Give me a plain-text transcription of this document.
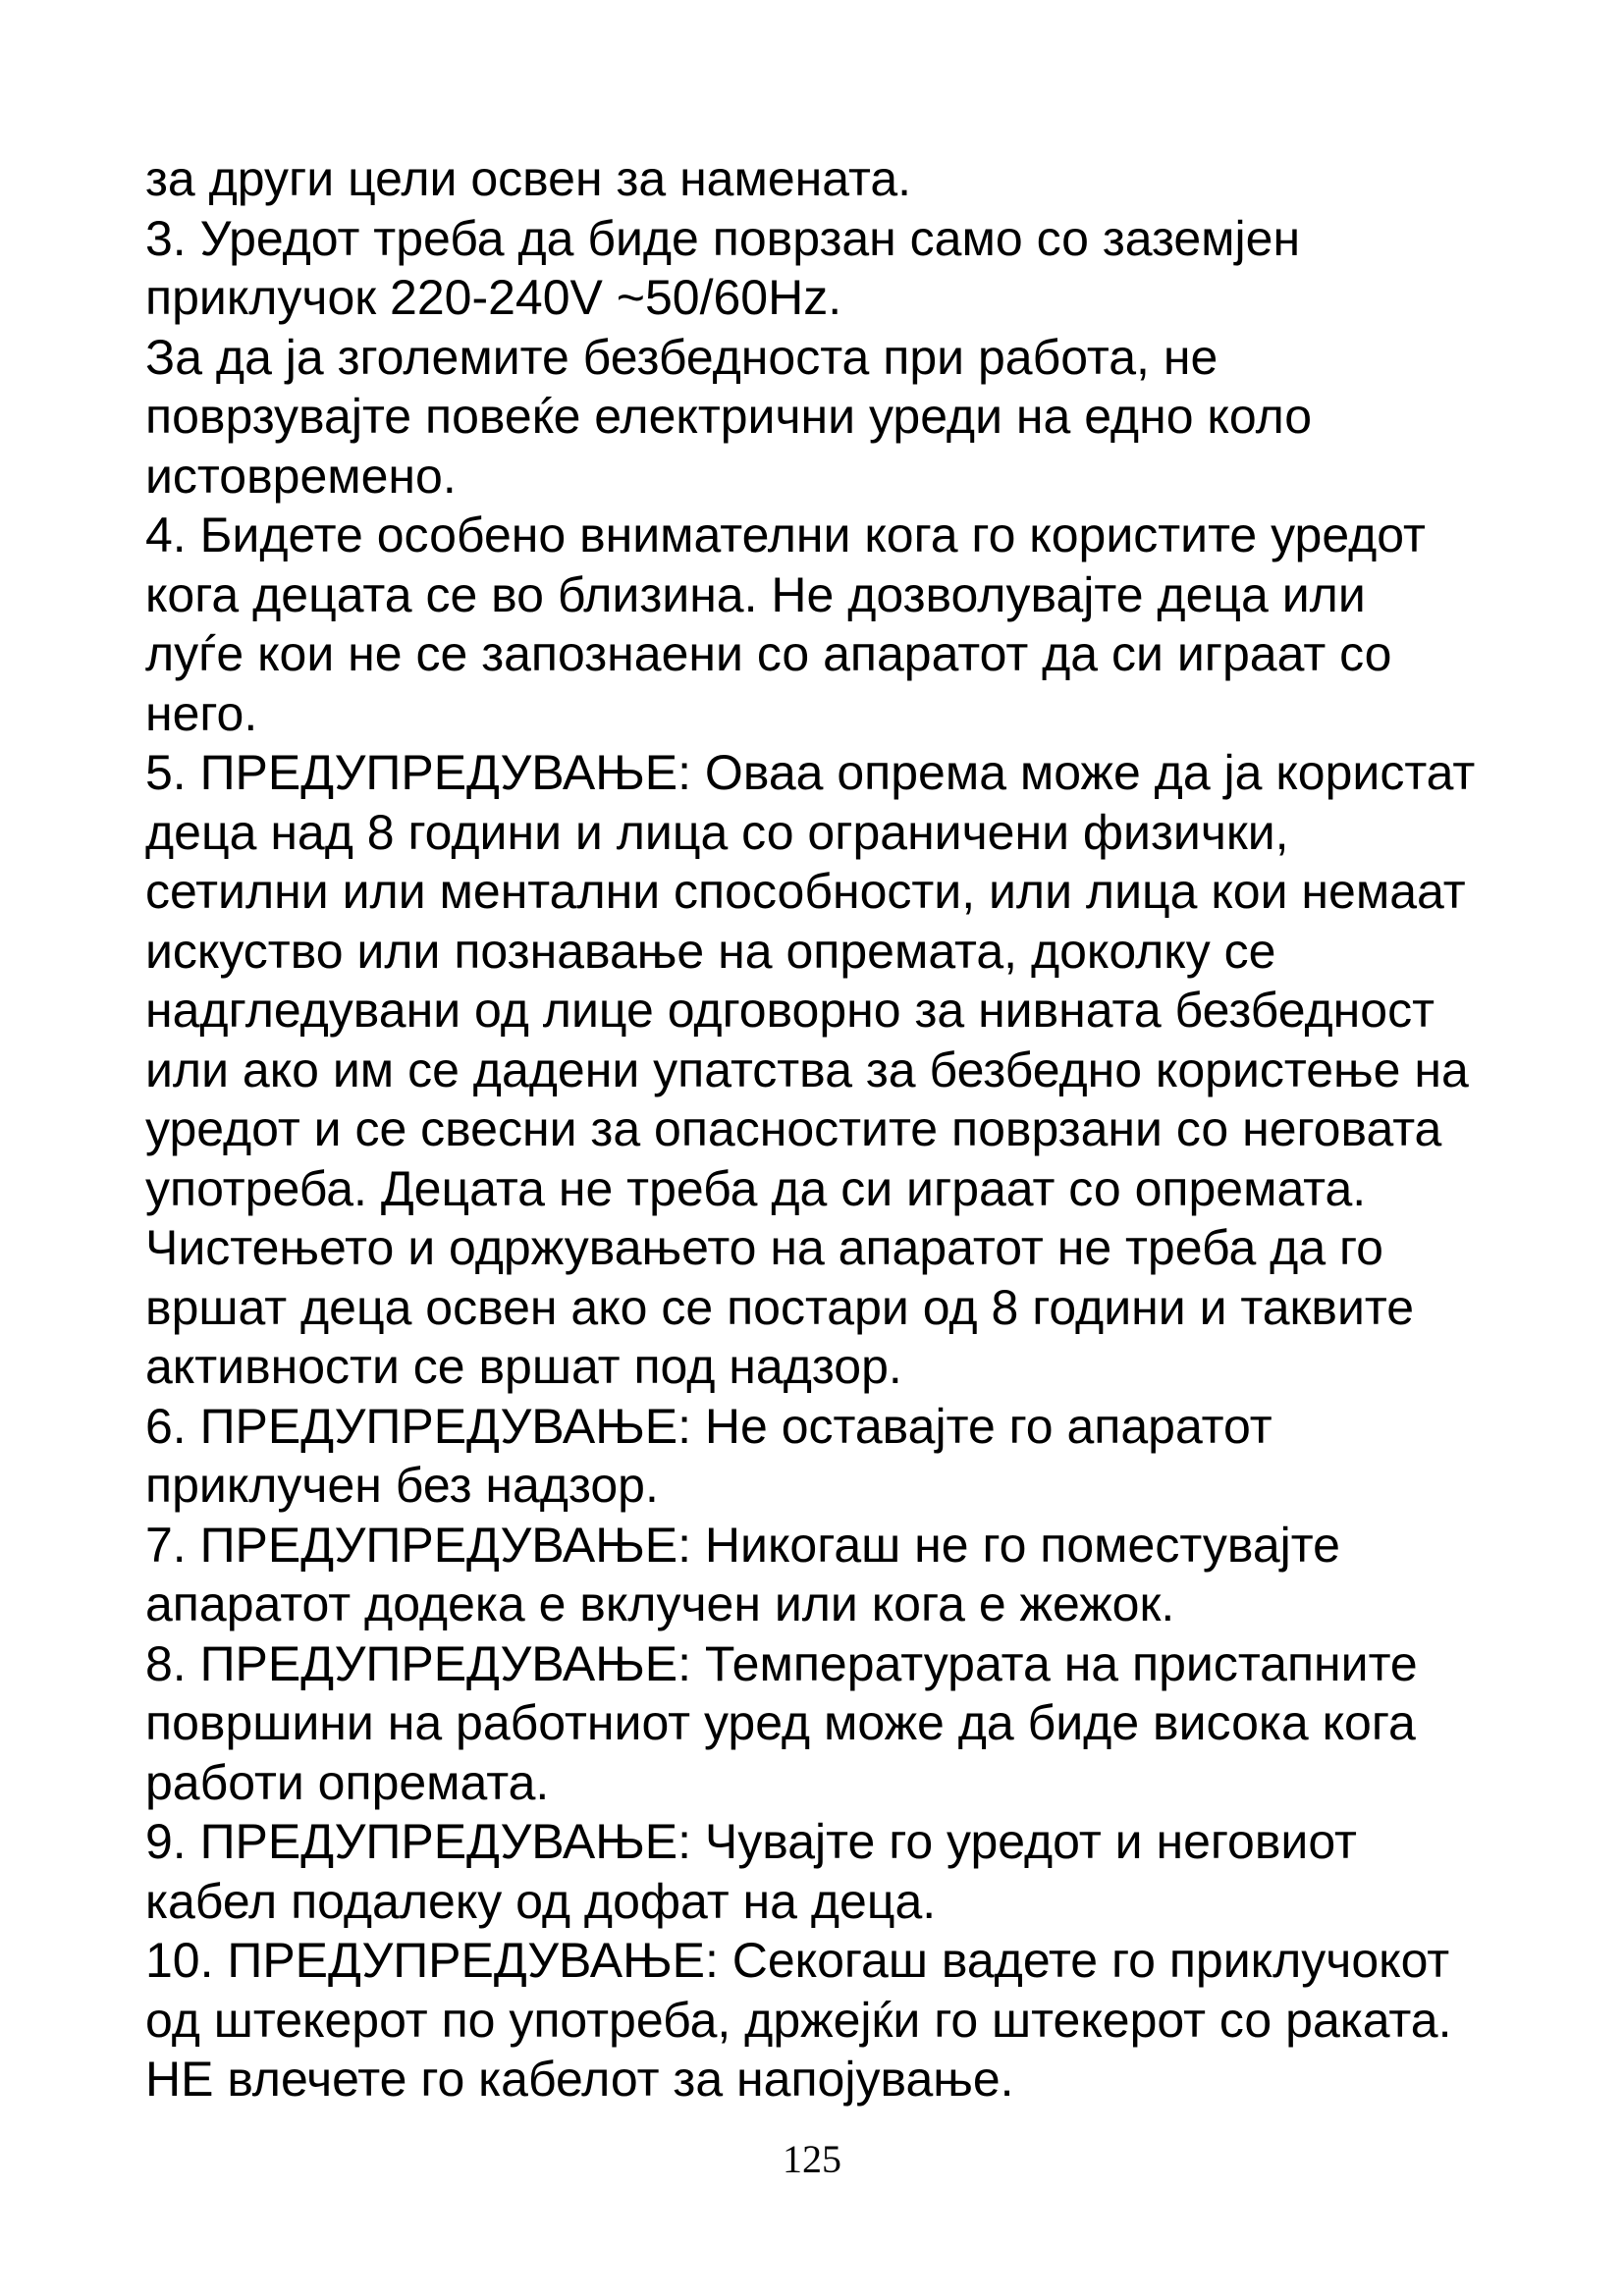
за други цели освен за намената.
3. Уредот треба да биде поврзан само со заземјен
приклучок 220-240V ~50/60Hz.
За да ја зголемите безбедноста при работа, не
поврзувајте повеќе електрични уреди на едно коло
истовремено.
4. Бидете особено внимателни кога го користите уредот
кога децата се во близина. Не дозволувајте деца или
луѓе кои не се запознаени со апаратот да си играат со
него.
5. ПРЕДУПРЕДУВАЊЕ: Оваа опрема може да ја користат
деца над 8 години и лица со ограничени физички,
сетилни или ментални способности, или лица кои немаат
искуство или познавање на опремата, доколку се
надгледувани од лице одговорно за нивната безбедност
или ако им се дадени упатства за безбедно користење на
уредот и се свесни за опасностите поврзани со неговата
употреба. Децата не треба да си играат со опремата.
Чистењето и одржувањето на апаратот не треба да го
вршат деца освен ако се постари од 8 години и таквите
активности се вршат под надзор.
6. ПРЕДУПРЕДУВАЊЕ: Не оставајте го апаратот
приклучен без надзор.
7. ПРЕДУПРЕДУВАЊЕ: Никогаш не го поместувајте
апаратот додека е вклучен или кога е жежок.
8. ПРЕДУПРЕДУВАЊЕ: Температурата на пристапните
површини на работниот уред може да биде висока кога
работи опремата.
9. ПРЕДУПРЕДУВАЊЕ: Чувајте го уредот и неговиот
кабел подалеку од дофат на деца.
10. ПРЕДУПРЕДУВАЊЕ: Секогаш вадете го приклучокот
од штекерот по употреба, држејќи го штекерот со раката.
НЕ влечете го кабелот за напојување.
125
